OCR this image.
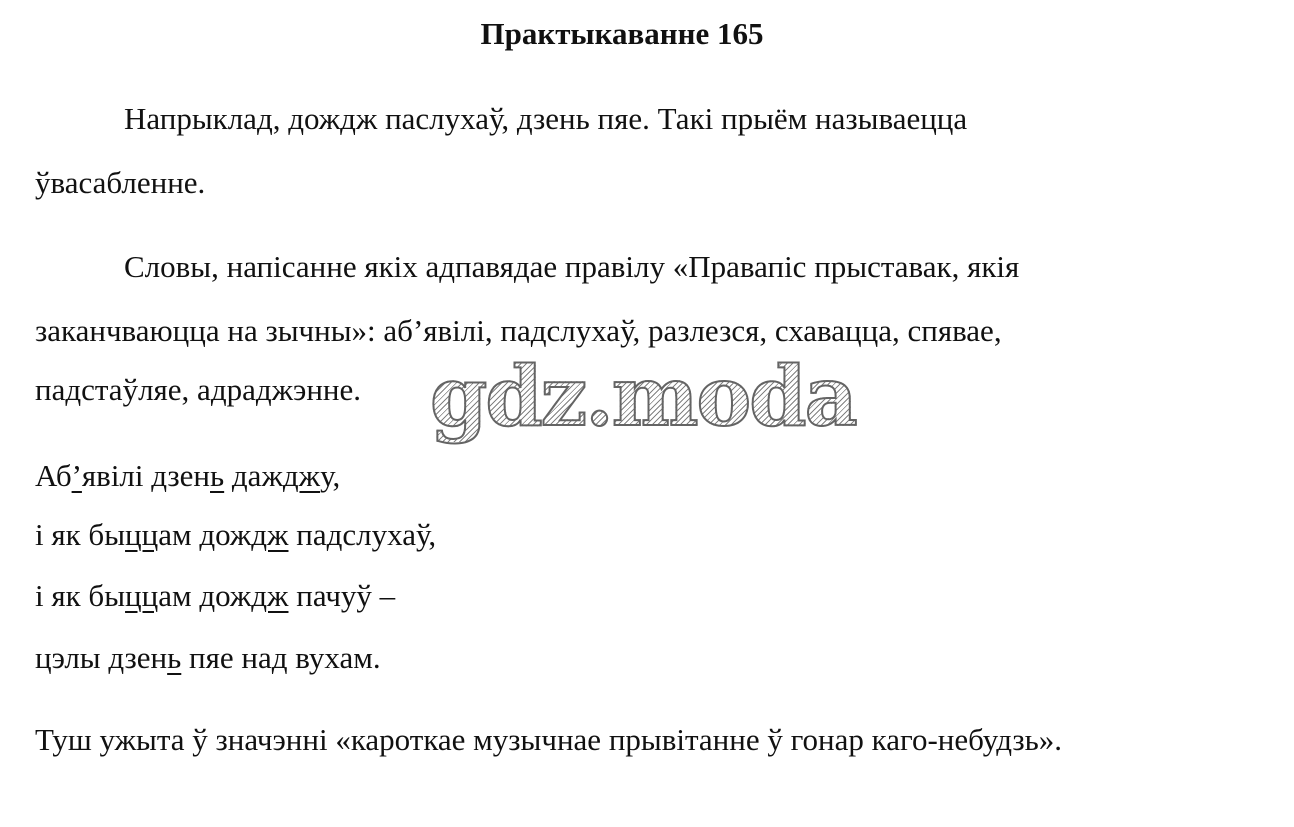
Практыкаванне 165
Напрыклад, дождж паслухаў, дзень пяе. Такі прыём называецца
ўвасабленне.
Словы, напісанне якіх адпавядае правілу «Правапіс прыставак, якія
заканчваюцца на зычны»: аб’явілі, падслухаў, разлезся, схавацца, спявае,
падстаўляе, адраджэнне. gdz.moda
Аб’явілі дзень дажджу,
і як быццам дождж падслухаў,
і як быццам дождж пачуў –
цэлы дзень пяе над вухам.
Туш ужыта ў значэнні «кароткае музычнае прывітанне ў гонар каго-небудзь».
